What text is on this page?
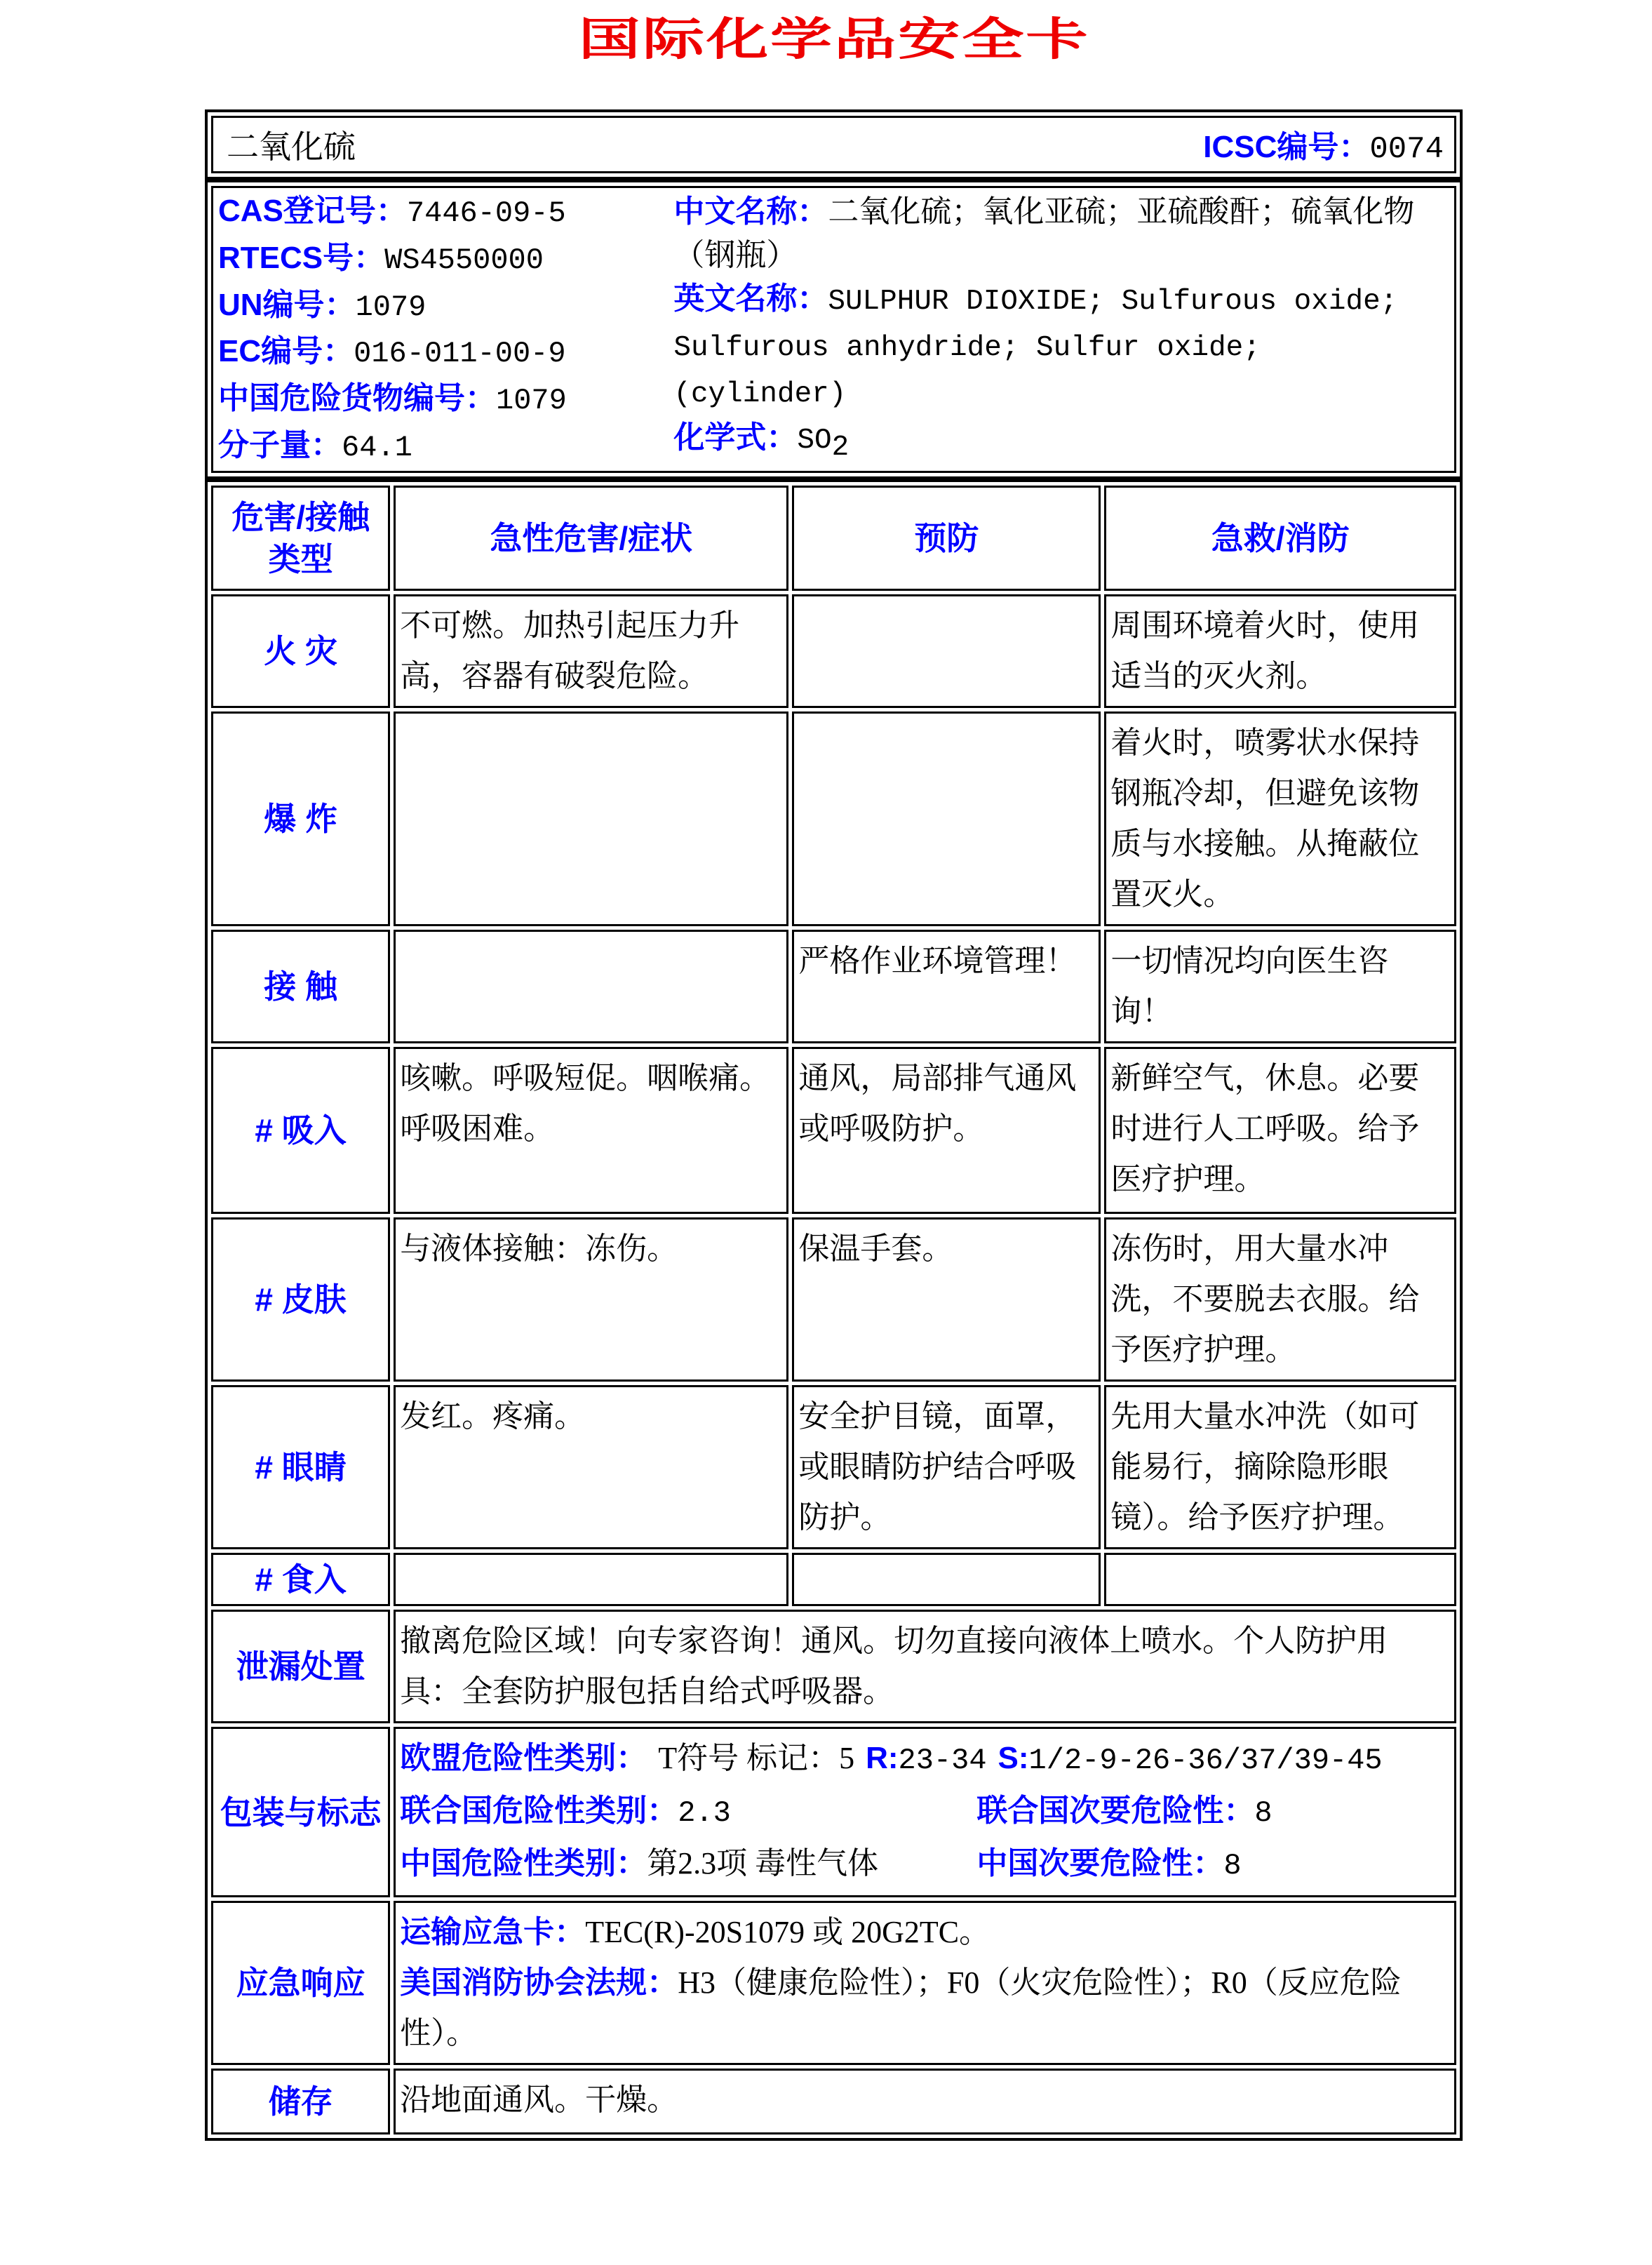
国际化学品安全卡
二氧化硫	ICSC编号：0074
CAS登记号：7446-09-5
RTECS号：WS4550000
UN编号：1079
EC编号：016-011-00-9
中国危险货物编号：1079
分子量：64.1
中文名称：二氧化硫；氧化亚硫；亚硫酸酐；硫氧化物（钢瓶）
英文名称：SULPHUR DIOXIDE; Sulfurous oxide; Sulfurous anhydride; Sulfur oxide; (cylinder)
化学式：$SO_2$
危害/接触类型	急性危害/症状	预防	急救/消防
火 灾	不可燃。加热引起压力升高，容器有破裂危险。		周围环境着火时，使用适当的灭火剂。
爆 炸			着火时，喷雾状水保持钢瓶冷却，但避免该物质与水接触。从掩蔽位置灭火。
接 触		严格作业环境管理！	一切情况均向医生咨询！
# 吸入	咳嗽。呼吸短促。咽喉痛。呼吸困难。	通风，局部排气通风或呼吸防护。	新鲜空气，休息。必要时进行人工呼吸。给予医疗护理。
# 皮肤	与液体接触：冻伤。	保温手套。	冻伤时，用大量水冲洗，不要脱去衣服。给予医疗护理。
# 眼睛	发红。疼痛。	安全护目镜，面罩，或眼睛防护结合呼吸防护。	先用大量水冲洗（如可能易行，摘除隐形眼镜）。给予医疗护理。
# 食入			
泄漏处置	撤离危险区域！向专家咨询！通风。切勿直接向液体上喷水。个人防护用具：全套防护服包括自给式呼吸器。		
包装与标志	欧盟危险性类别： T符号 标记：5 R:23-34 S:1/2-9-26-36/37/39-45
联合国危险性类别：2.3 联合国次要危险性：8
中国危险性类别：第2.3项 毒性气体 中国次要危险性：8		

应急响应	运输应急卡：TEC(R)-20S1079 或 20G2TC。
美国消防协会法规：H3（健康危险性）；F0（火灾危险性）；R0（反应危险性）。		

储存	沿地面通风。干燥。		
